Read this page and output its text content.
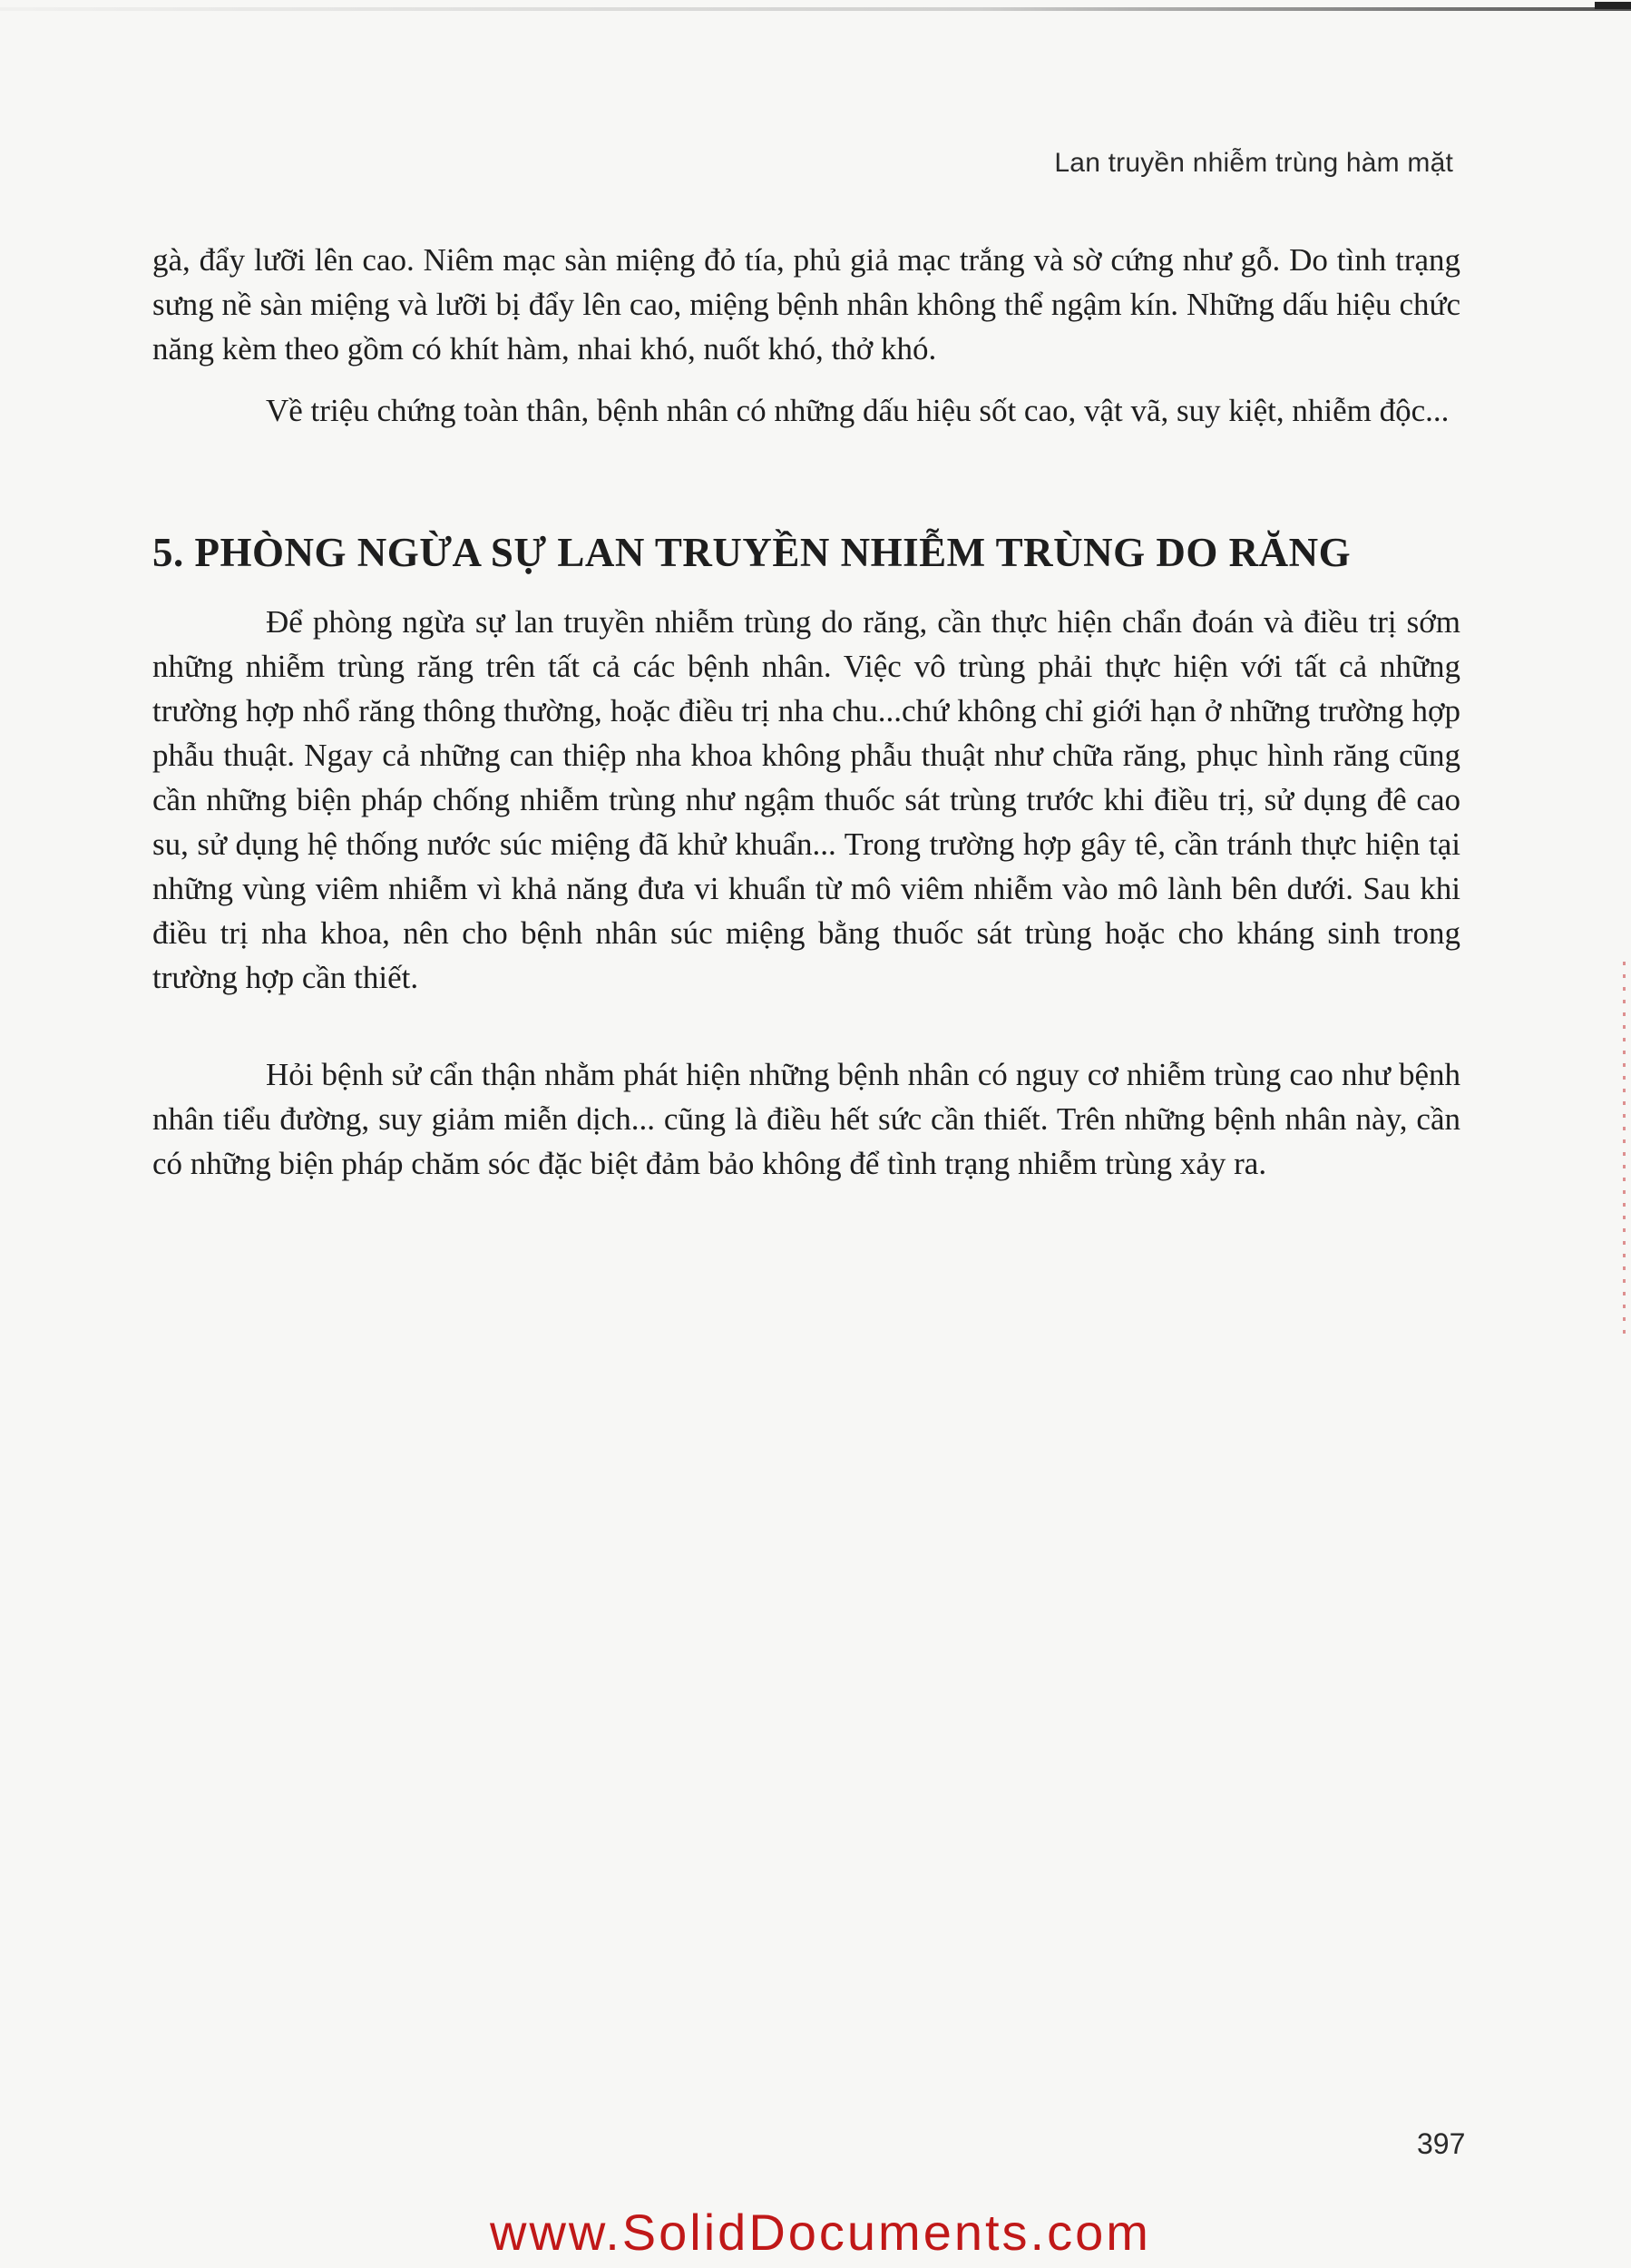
Lan truyền nhiễm trùng hàm mặt

gà, đẩy lưỡi lên cao. Niêm mạc sàn miệng đỏ tía, phủ giả mạc trắng và sờ cứng như gỗ. Do tình trạng sưng nề sàn miệng và lưỡi bị đẩy lên cao, miệng bệnh nhân không thể ngậm kín. Những dấu hiệu chức năng kèm theo gồm có khít hàm, nhai khó, nuốt khó, thở khó.

Về triệu chứng toàn thân, bệnh nhân có những dấu hiệu sốt cao, vật vã, suy kiệt, nhiễm độc...

5. PHÒNG NGỪA SỰ LAN TRUYỀN NHIỄM TRÙNG DO RĂNG

Để phòng ngừa sự lan truyền nhiễm trùng do răng, cần thực hiện chẩn đoán và điều trị sớm những nhiễm trùng răng trên tất cả các bệnh nhân. Việc vô trùng phải thực hiện với tất cả những trường hợp nhổ răng thông thường, hoặc điều trị nha chu...chứ không chỉ giới hạn ở những trường hợp phẫu thuật. Ngay cả những can thiệp nha khoa không phẫu thuật như chữa răng, phục hình răng cũng cần những biện pháp chống nhiễm trùng như ngậm thuốc sát trùng trước khi điều trị, sử dụng đê cao su, sử dụng hệ thống nước súc miệng đã khử khuẩn... Trong trường hợp gây tê, cần tránh thực hiện tại những vùng viêm nhiễm vì khả năng đưa vi khuẩn từ mô viêm nhiễm vào mô lành bên dưới. Sau khi điều trị nha khoa, nên cho bệnh nhân súc miệng bằng thuốc sát trùng hoặc cho kháng sinh trong trường hợp cần thiết.

Hỏi bệnh sử cẩn thận nhằm phát hiện những bệnh nhân có nguy cơ nhiễm trùng cao như bệnh nhân tiểu đường, suy giảm miễn dịch... cũng là điều hết sức cần thiết. Trên những bệnh nhân này, cần có những biện pháp chăm sóc đặc biệt đảm bảo không để tình trạng nhiễm trùng xảy ra.

397
www.SolidDocuments.com
